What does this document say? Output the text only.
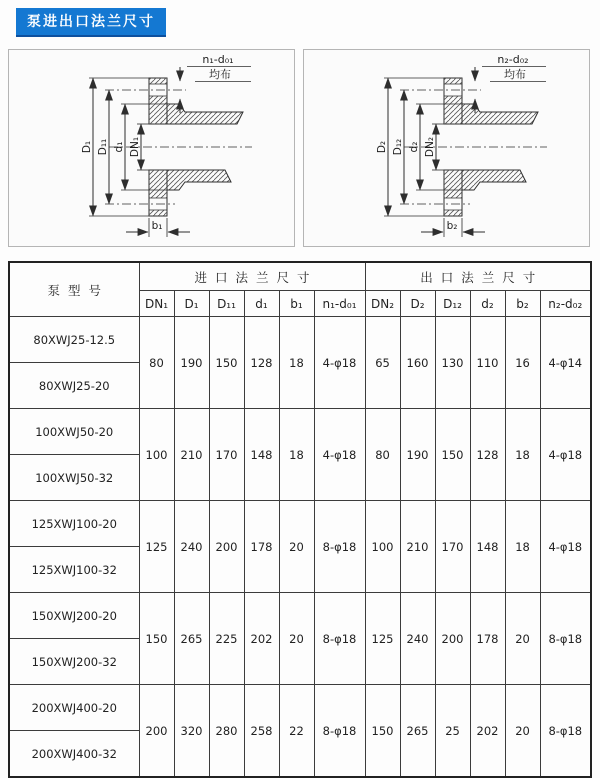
泵进出口法兰尺寸
n₁-d₀₁
均布
D₁ D₁₁ d₁ DN₁
b₁
n₂-d₀₂
均布
D₂ D₁₂ d₂ DN₂
b₂
泵型号	进口法兰尺寸						出口法兰尺寸					
	DN₁	D₁	D₁₁	d₁	b₁	n₁-d₀₁	DN₂	D₂	D₁₂	d₂	b₂	n₂-d₀₂
80XWJ25-12.5	80	190	150	128	18	4-φ18	65	160	130	110	16	4-φ14
80XWJ25-20												
100XWJ50-20	100	210	170	148	18	4-φ18	80	190	150	128	18	4-φ18
100XWJ50-32												
125XWJ100-20	125	240	200	178	20	8-φ18	100	210	170	148	18	4-φ18
125XWJ100-32												
150XWJ200-20	150	265	225	202	20	8-φ18	125	240	200	178	20	8-φ18
150XWJ200-32												
200XWJ400-20	200	320	280	258	22	8-φ18	150	265	25	202	20	8-φ18
200XWJ400-32												
